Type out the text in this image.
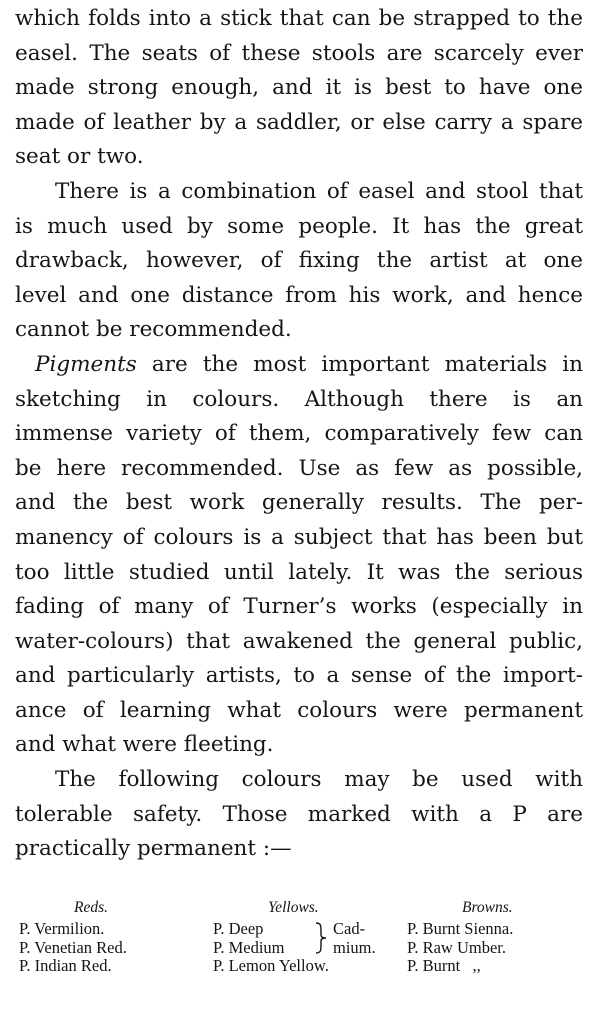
which folds into a stick that can be strapped to the
easel. The seats of these stools are scarcely ever
made strong enough, and it is best to have one
made of leather by a saddler, or else carry a spare
seat or two.
There is a combination of easel and stool that
is much used by some people. It has the great
drawback, however, of fixing the artist at one
level and one distance from his work, and hence
cannot be recommended.
Pigments are the most important materials in
sketching in colours. Although there is an
immense variety of them, comparatively few can
be here recommended. Use as few as possible,
and the best work generally results. The per-
manency of colours is a subject that has been but
too little studied until lately. It was the serious
fading of many of Turner’s works (especially in
water-colours) that awakened the general public,
and particularly artists, to a sense of the import-
ance of learning what colours were permanent
and what were fleeting.
The following colours may be used with
tolerable safety. Those marked with a P are
practically permanent :—
Reds.
P. Vermilion.
P. Venetian Red.
P. Indian Red.
Yellows.
P. Deep
P. Medium
P. Lemon Yellow.
Cad-
mium.
Browns.
P. Burnt Sienna.
P. Raw Umber.
P. Burnt   ,,
